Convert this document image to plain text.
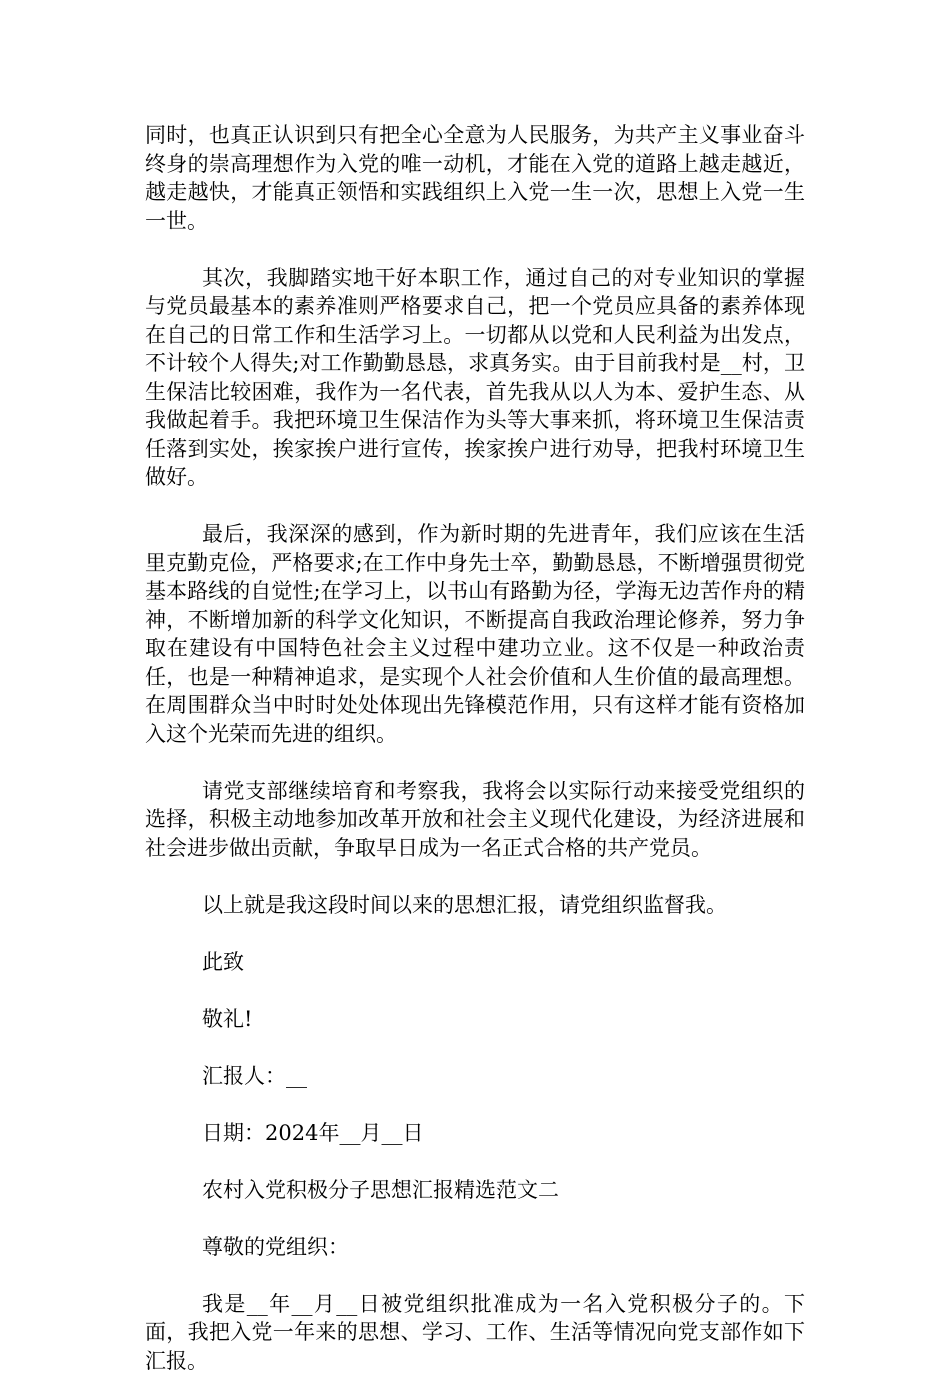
同时，也真正认识到只有把全心全意为人民服务，为共产主义事业奋斗终身的崇高理想作为入党的唯一动机，才能在入党的道路上越走越近，越走越快，才能真正领悟和实践组织上入党一生一次，思想上入党一生一世。

其次，我脚踏实地干好本职工作，通过自己的对专业知识的掌握与党员最基本的素养准则严格要求自己，把一个党员应具备的素养体现在自己的日常工作和生活学习上。一切都从以党和人民利益为出发点，不计较个人得失;对工作勤勤恳恳，求真务实。由于目前我村是__村，卫生保洁比较困难，我作为一名代表，首先我从以人为本、爱护生态、从我做起着手。我把环境卫生保洁作为头等大事来抓，将环境卫生保洁责任落到实处，挨家挨户进行宣传，挨家挨户进行劝导，把我村环境卫生做好。

最后，我深深的感到，作为新时期的先进青年，我们应该在生活里克勤克俭，严格要求;在工作中身先士卒，勤勤恳恳，不断增强贯彻党基本路线的自觉性;在学习上，以书山有路勤为径，学海无边苦作舟的精神，不断增加新的科学文化知识，不断提高自我政治理论修养，努力争取在建设有中国特色社会主义过程中建功立业。这不仅是一种政治责任，也是一种精神追求，是实现个人社会价值和人生价值的最高理想。在周围群众当中时时处处体现出先锋模范作用，只有这样才能有资格加入这个光荣而先进的组织。

请党支部继续培育和考察我，我将会以实际行动来接受党组织的选择，积极主动地参加改革开放和社会主义现代化建设，为经济进展和社会进步做出贡献，争取早日成为一名正式合格的共产党员。

以上就是我这段时间以来的思想汇报，请党组织监督我。

此致

敬礼!

汇报人：__

日期：2024年__月__日

农村入党积极分子思想汇报精选范文二

尊敬的党组织：

我是__年__月__日被党组织批准成为一名入党积极分子的。下面，我把入党一年来的思想、学习、工作、生活等情况向党支部作如下汇报。
